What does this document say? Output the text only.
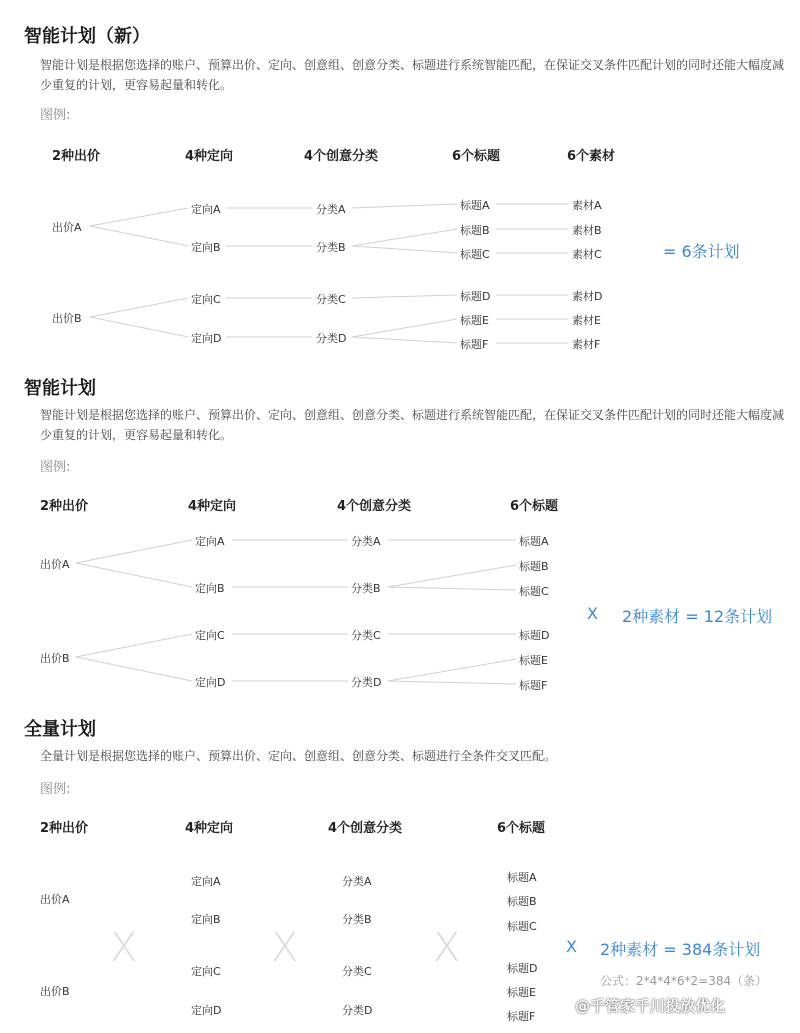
智能计划（新）
智能计划是根据您选择的账户、预算出价、定向、创意组、创意分类、标题进行系统智能匹配，在保证交叉条件匹配计划的同时还能大幅度减少重复的计划，更容易起量和转化。
图例:
2种出价	4种定向	4个创意分类	6个标题	6个素材
出价A
出价B
定向A
定向B
定向C
定向D
分类A
分类B
分类C
分类D
标题A
标题B
标题C
标题D
标题E
标题F
素材A
素材B
素材C
素材D
素材E
素材F
= 6条计划
智能计划
智能计划是根据您选择的账户、预算出价、定向、创意组、创意分类、标题进行系统智能匹配，在保证交叉条件匹配计划的同时还能大幅度减少重复的计划，更容易起量和转化。
图例:
2种出价	4种定向	4个创意分类	6个标题
出价A
出价B
定向A
定向B
定向C
定向D
分类A
分类B
分类C
分类D
标题A
标题B
标题C
标题D
标题E
标题F
X 2种素材 = 12条计划
全量计划
全量计划是根据您选择的账户、预算出价、定向、创意组、创意分类、标题进行全条件交叉匹配。
图例:
2种出价	4种定向	4个创意分类	6个标题
出价A
出价B
定向A
定向B
定向C
定向D
分类A
分类B
分类C
分类D
标题A
标题B
标题C
标题D
标题E
标题F
X	X	X	X 2种素材 = 384条计划
公式：2*4*4*6*2=384（条）
@千管家千川投放优化
